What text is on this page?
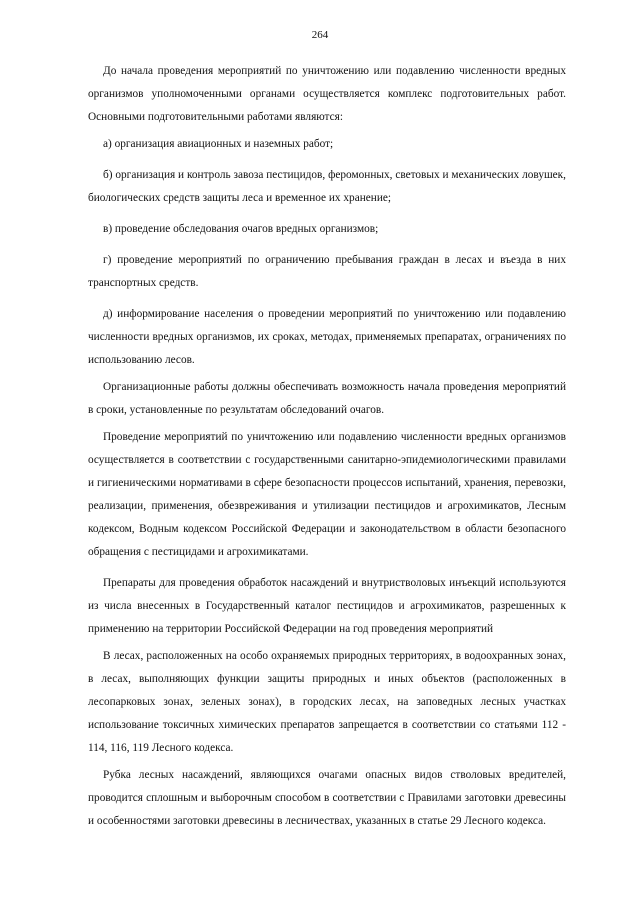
264

До начала проведения мероприятий по уничтожению или подавлению численности вредных организмов уполномоченными органами осуществляется комплекс подготовительных работ. Основными подготовительными работами являются:

а) организация авиационных и наземных работ;

б) организация и контроль завоза пестицидов, феромонных, световых и механических ловушек, биологических средств защиты леса и временное их хранение;

в) проведение обследования очагов вредных организмов;

г) проведение мероприятий по ограничению пребывания граждан в лесах и въезда в них транспортных средств.

д) информирование населения о проведении мероприятий по уничтожению или подавлению численности вредных организмов, их сроках, методах, применяемых препаратах, ограничениях по использованию лесов.

Организационные работы должны обеспечивать возможность начала проведения мероприятий в сроки, установленные по результатам обследований очагов.

Проведение мероприятий по уничтожению или подавлению численности вредных организмов осуществляется в соответствии с государственными санитарно-эпидемиологическими правилами и гигиеническими нормативами в сфере безопасности процессов испытаний, хранения, перевозки, реализации, применения, обезвреживания и утилизации пестицидов и агрохимикатов, Лесным кодексом, Водным кодексом Российской Федерации и законодательством в области безопасного обращения с пестицидами и агрохимикатами.

Препараты для проведения обработок насаждений и внутристволовых инъекций используются из числа внесенных в Государственный каталог пестицидов и агрохимикатов, разрешенных к применению на территории Российской Федерации на год проведения мероприятий

В лесах, расположенных на особо охраняемых природных территориях, в водоохранных зонах, в лесах, выполняющих функции защиты природных и иных объектов (расположенных в лесопарковых зонах, зеленых зонах), в городских лесах, на заповедных лесных участках использование токсичных химических препаратов запрещается в соответствии со статьями 112 - 114, 116, 119 Лесного кодекса.

Рубка лесных насаждений, являющихся очагами опасных видов стволовых вредителей, проводится сплошным и выборочным способом в соответствии с Правилами заготовки древесины и особенностями заготовки древесины в лесничествах, указанных в статье 29 Лесного кодекса.
